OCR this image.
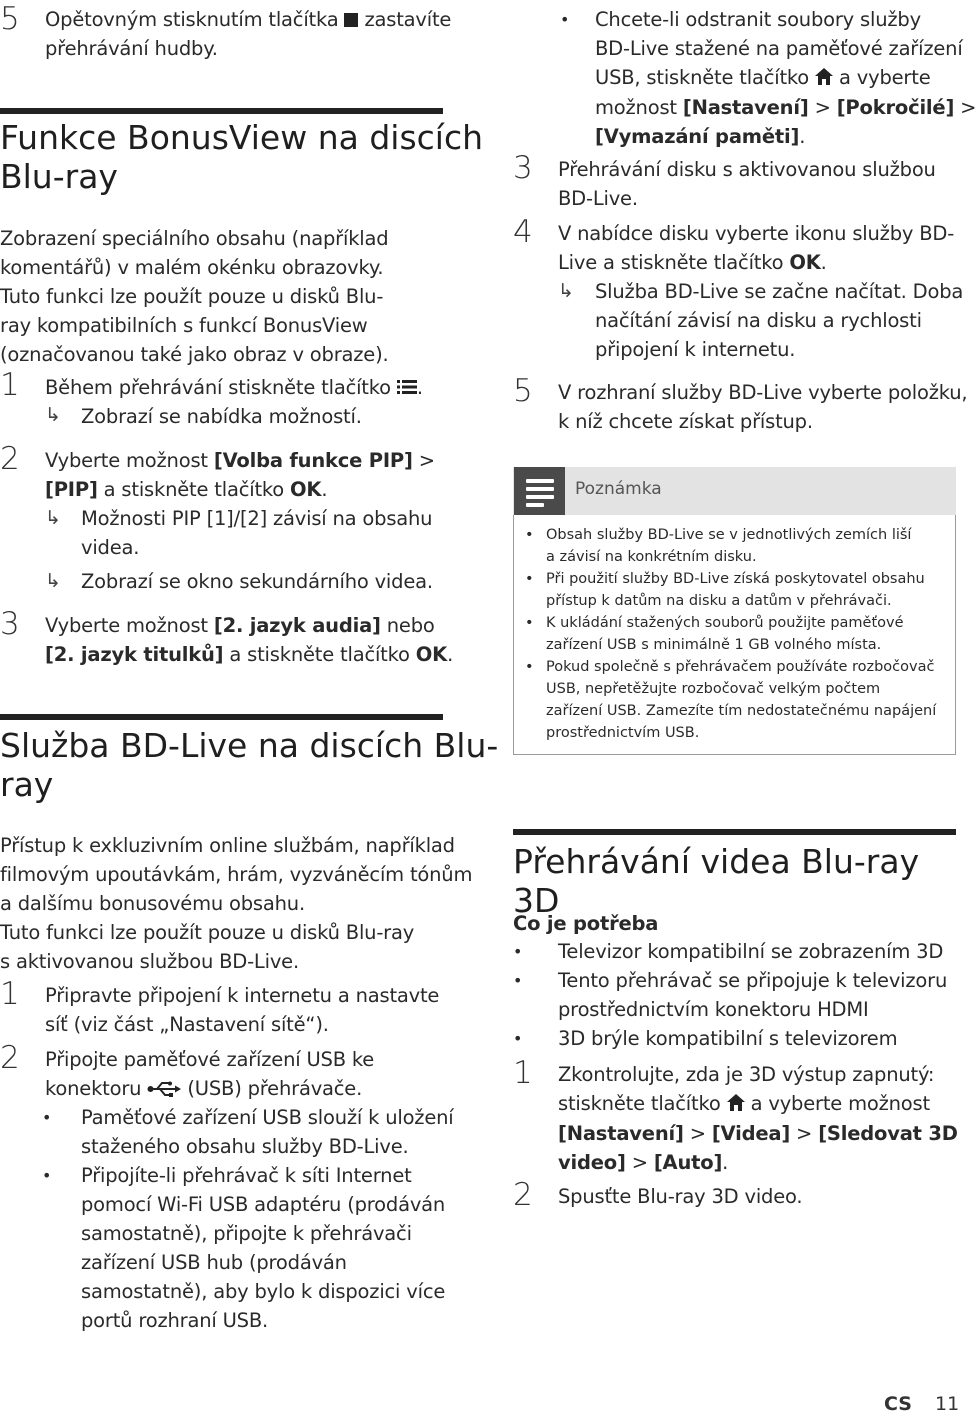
5 Opětovným stisknutím tlačítka zastavíte
přehrávání hudby.
Funkce BonusView na discích
Blu-ray
Zobrazení speciálního obsahu (například
komentářů) v malém okénku obrazovky.
Tuto funkci lze použít pouze u disků Blu-
ray kompatibilních s funkcí BonusView
(označovanou také jako obraz v obraze).
1 Během přehrávání stiskněte tlačítko .
↳ Zobrazí se nabídka možností.
2 Vyberte možnost [Volba funkce PIP] >
[PIP] a stiskněte tlačítko OK.
↳ Možnosti PIP [1]/[2] závisí na obsahu
videa.
↳ Zobrazí se okno sekundárního videa.
3 Vyberte možnost [2. jazyk audia] nebo
[2. jazyk titulků] a stiskněte tlačítko OK.
Služba BD-Live na discích Blu-
ray
Přístup k exkluzivním online službám, například
filmovým upoutávkám, hrám, vyzváněcím tónům
a dalšímu bonusovému obsahu.
Tuto funkci lze použít pouze u disků Blu-ray
s aktivovanou službou BD-Live.
1 Připravte připojení k internetu a nastavte
síť (viz část „Nastavení sítě“).
2 Připojte paměťové zařízení USB ke
konektoru (USB) přehrávače.
• Paměťové zařízení USB slouží k uložení
staženého obsahu služby BD-Live.
• Připojíte-li přehrávač k síti Internet
pomocí Wi-Fi USB adaptéru (prodáván
samostatně), připojte k přehrávači
zařízení USB hub (prodáván
samostatně), aby bylo k dispozici více
portů rozhraní USB.
• Chcete-li odstranit soubory služby
BD-Live stažené na paměťové zařízení
USB, stiskněte tlačítko a vyberte
možnost [Nastavení] > [Pokročilé] >
[Vymazání paměti].
3 Přehrávání disku s aktivovanou službou
BD-Live.
4 V nabídce disku vyberte ikonu služby BD-
Live a stiskněte tlačítko OK.
↳ Služba BD-Live se začne načítat. Doba
načítání závisí na disku a rychlosti
připojení k internetu.
5 V rozhraní služby BD-Live vyberte položku,
k níž chcete získat přístup.
Poznámka
• Obsah služby BD-Live se v jednotlivých zemích liší
a závisí na konkrétním disku.
• Při použití služby BD-Live získá poskytovatel obsahu
přístup k datům na disku a datům v přehrávači.
• K ukládání stažených souborů použijte paměťové
zařízení USB s minimálně 1 GB volného místa.
• Pokud společně s přehrávačem používáte rozbočovač
USB, nepřetěžujte rozbočovač velkým počtem
zařízení USB. Zamezíte tím nedostatečnému napájení
prostřednictvím USB.
Přehrávání videa Blu-ray 3D
Co je potřeba
• Televizor kompatibilní se zobrazením 3D
• Tento přehrávač se připojuje k televizoru
prostřednictvím konektoru HDMI
• 3D brýle kompatibilní s televizorem
1 Zkontrolujte, zda je 3D výstup zapnutý:
stiskněte tlačítko a vyberte možnost
[Nastavení] > [Videa] > [Sledovat 3D
video] > [Auto].
2 Spusťte Blu-ray 3D video.
CS 11
